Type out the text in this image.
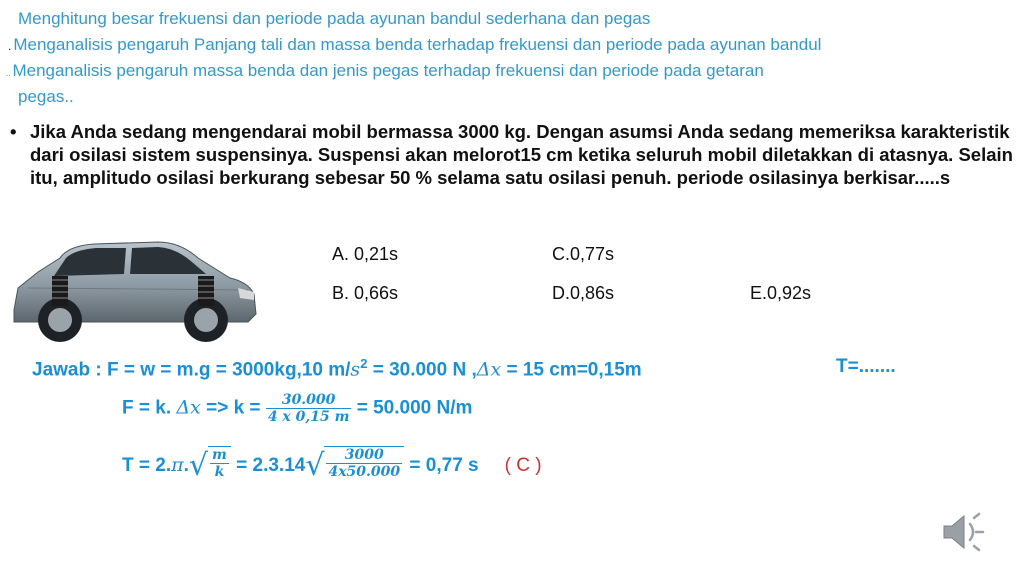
Menghitung besar frekuensi dan periode pada ayunan bandul sederhana dan pegas
. Menganalisis pengaruh Panjang tali dan massa benda terhadap frekuensi dan periode pada ayunan bandul
.. Menganalisis pengaruh massa benda dan jenis pegas terhadap frekuensi dan periode pada getaran
pegas..
• Jika Anda sedang mengendarai mobil bermassa 3000 kg. Dengan asumsi Anda sedang memeriksa karakteristik dari osilasi sistem suspensinya. Suspensi akan melorot15 cm ketika seluruh mobil diletakkan di atasnya. Selain itu, amplitudo osilasi berkurang sebesar 50 % selama satu osilasi penuh. periode osilasinya berkisar.....s
A. 0,21s	C.0,77s
B. 0,66s	D.0,86s	E.0,92s
Jawab : F = w = m.g = 3000kg,10 $m/s^2 = 30.000$ N ,Δx = 15 cm=0,15m	T=.......
F = k. $\Delta x => k = \frac{30.000}{4 x 0,15 m} = 50.000$ N/m
T = 2.π. √ $\frac{m}{k} = 2.3.14$ √ $\frac{3000}{4x50.000} = 0,77$ s ( C )
